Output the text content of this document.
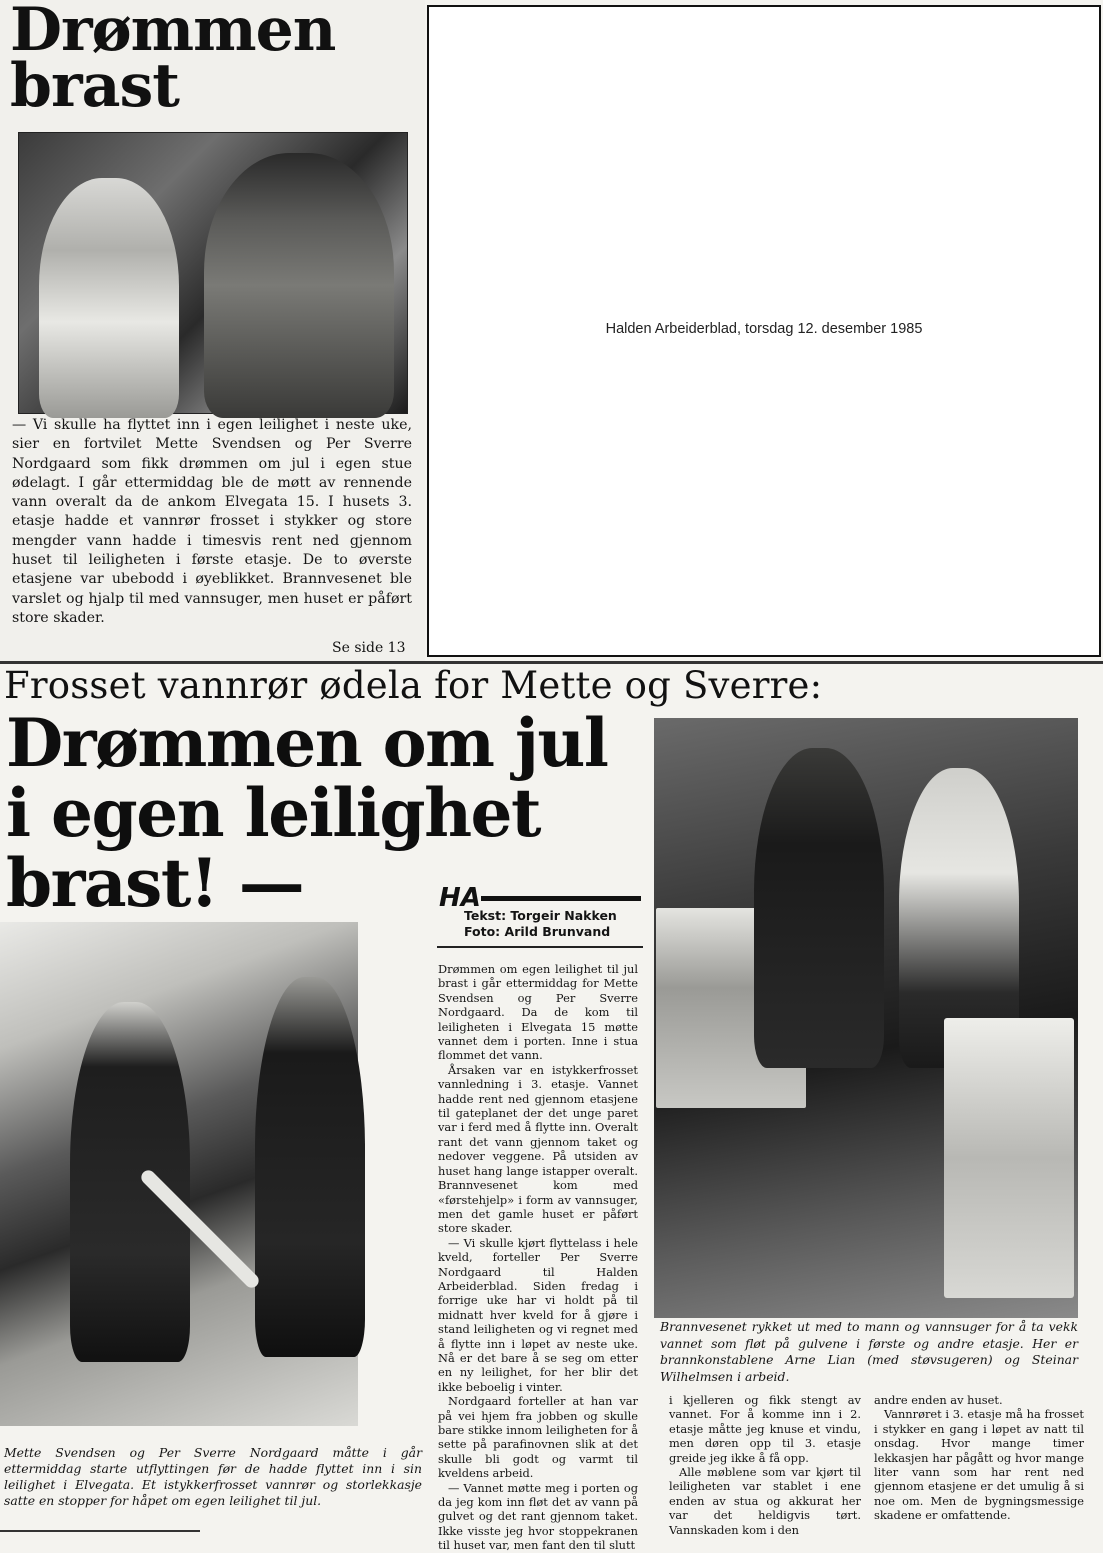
Drømmen brast
— Vi skulle ha flyttet inn i egen leilighet i neste uke, sier en fortvilet Mette Svendsen og Per Sverre Nordgaard som fikk drømmen om jul i egen stue ødelagt. I går ettermiddag ble de møtt av rennende vann overalt da de ankom Elvegata 15. I husets 3. etasje hadde et vannrør frosset i stykker og store mengder vann hadde i timesvis rent ned gjennom huset til leiligheten i første etasje. De to øverste etasjene var ubebodd i øyeblikket. Brannvesenet ble varslet og hjalp til med vannsuger, men huset er påført store skader.
Se side 13
Halden Arbeiderblad, torsdag 12. desember 1985
Frosset vannrør ødela for Mette og Sverre:
Drømmen om jul
i egen leilighet
brast! —	HA
Tekst: Torgeir Nakken
Foto: Arild Brunvand

Drømmen om egen leilighet til jul brast i går ettermiddag for Mette Svendsen og Per Sverre Nordgaard. Da de kom til leiligheten i Elvegata 15 møtte vannet dem i porten. Inne i stua flommet det vann.

Årsaken var en istykkerfrosset vannledning i 3. etasje. Vannet hadde rent ned gjennom etasjene til gateplanet der det unge paret var i ferd med å flytte inn. Overalt rant det vann gjennom taket og nedover veggene. På utsiden av huset hang lange istapper overalt. Brannvesenet kom med «førstehjelp» i form av vannsuger, men det gamle huset er påført store skader.

— Vi skulle kjørt flyttelass i hele kveld, forteller Per Sverre Nordgaard til Halden Arbeiderblad. Siden fredag i forrige uke har vi holdt på til midnatt hver kveld for å gjøre i stand leiligheten og vi regnet med å flytte inn i løpet av neste uke. Nå er det bare å se seg om etter en ny leilighet, for her blir det ikke beboelig i vinter.

Nordgaard forteller at han var på vei hjem fra jobben og skulle bare stikke innom leiligheten for å sette på parafinovnen slik at det skulle bli godt og varmt til kveldens arbeid.

— Vannet møtte meg i porten og da jeg kom inn fløt det av vann på gulvet og det rant gjennom taket. Ikke visste jeg hvor stoppekranen til huset var, men fant den til slutt

i kjelleren og fikk stengt av vannet. For å komme inn i 2. etasje måtte jeg knuse et vindu, men døren opp til 3. etasje greide jeg ikke å få opp.

Alle møblene som var kjørt til leiligheten var stablet i ene enden av stua og akkurat her var det heldigvis tørt. Vannskaden kom i den

andre enden av huset.

Vannrøret i 3. etasje må ha frosset i stykker en gang i løpet av natt til onsdag. Hvor mange timer lekkasjen har pågått og hvor mange liter vann som har rent ned gjennom etasjene er det umulig å si noe om. Men de bygningsmessige skadene er omfattende.

Mette Svendsen og Per Sverre Nordgaard måtte i går ettermiddag starte utflyttingen før de hadde flyttet inn i sin leilighet i Elvegata. Et istykkerfrosset vannrør og storlekkasje satte en stopper for håpet om egen leilighet til jul.
Brannvesenet rykket ut med to mann og vannsuger for å ta vekk vannet som fløt på gulvene i første og andre etasje. Her er brannkonstablene Arne Lian (med støvsugeren) og Steinar Wilhelmsen i arbeid.
